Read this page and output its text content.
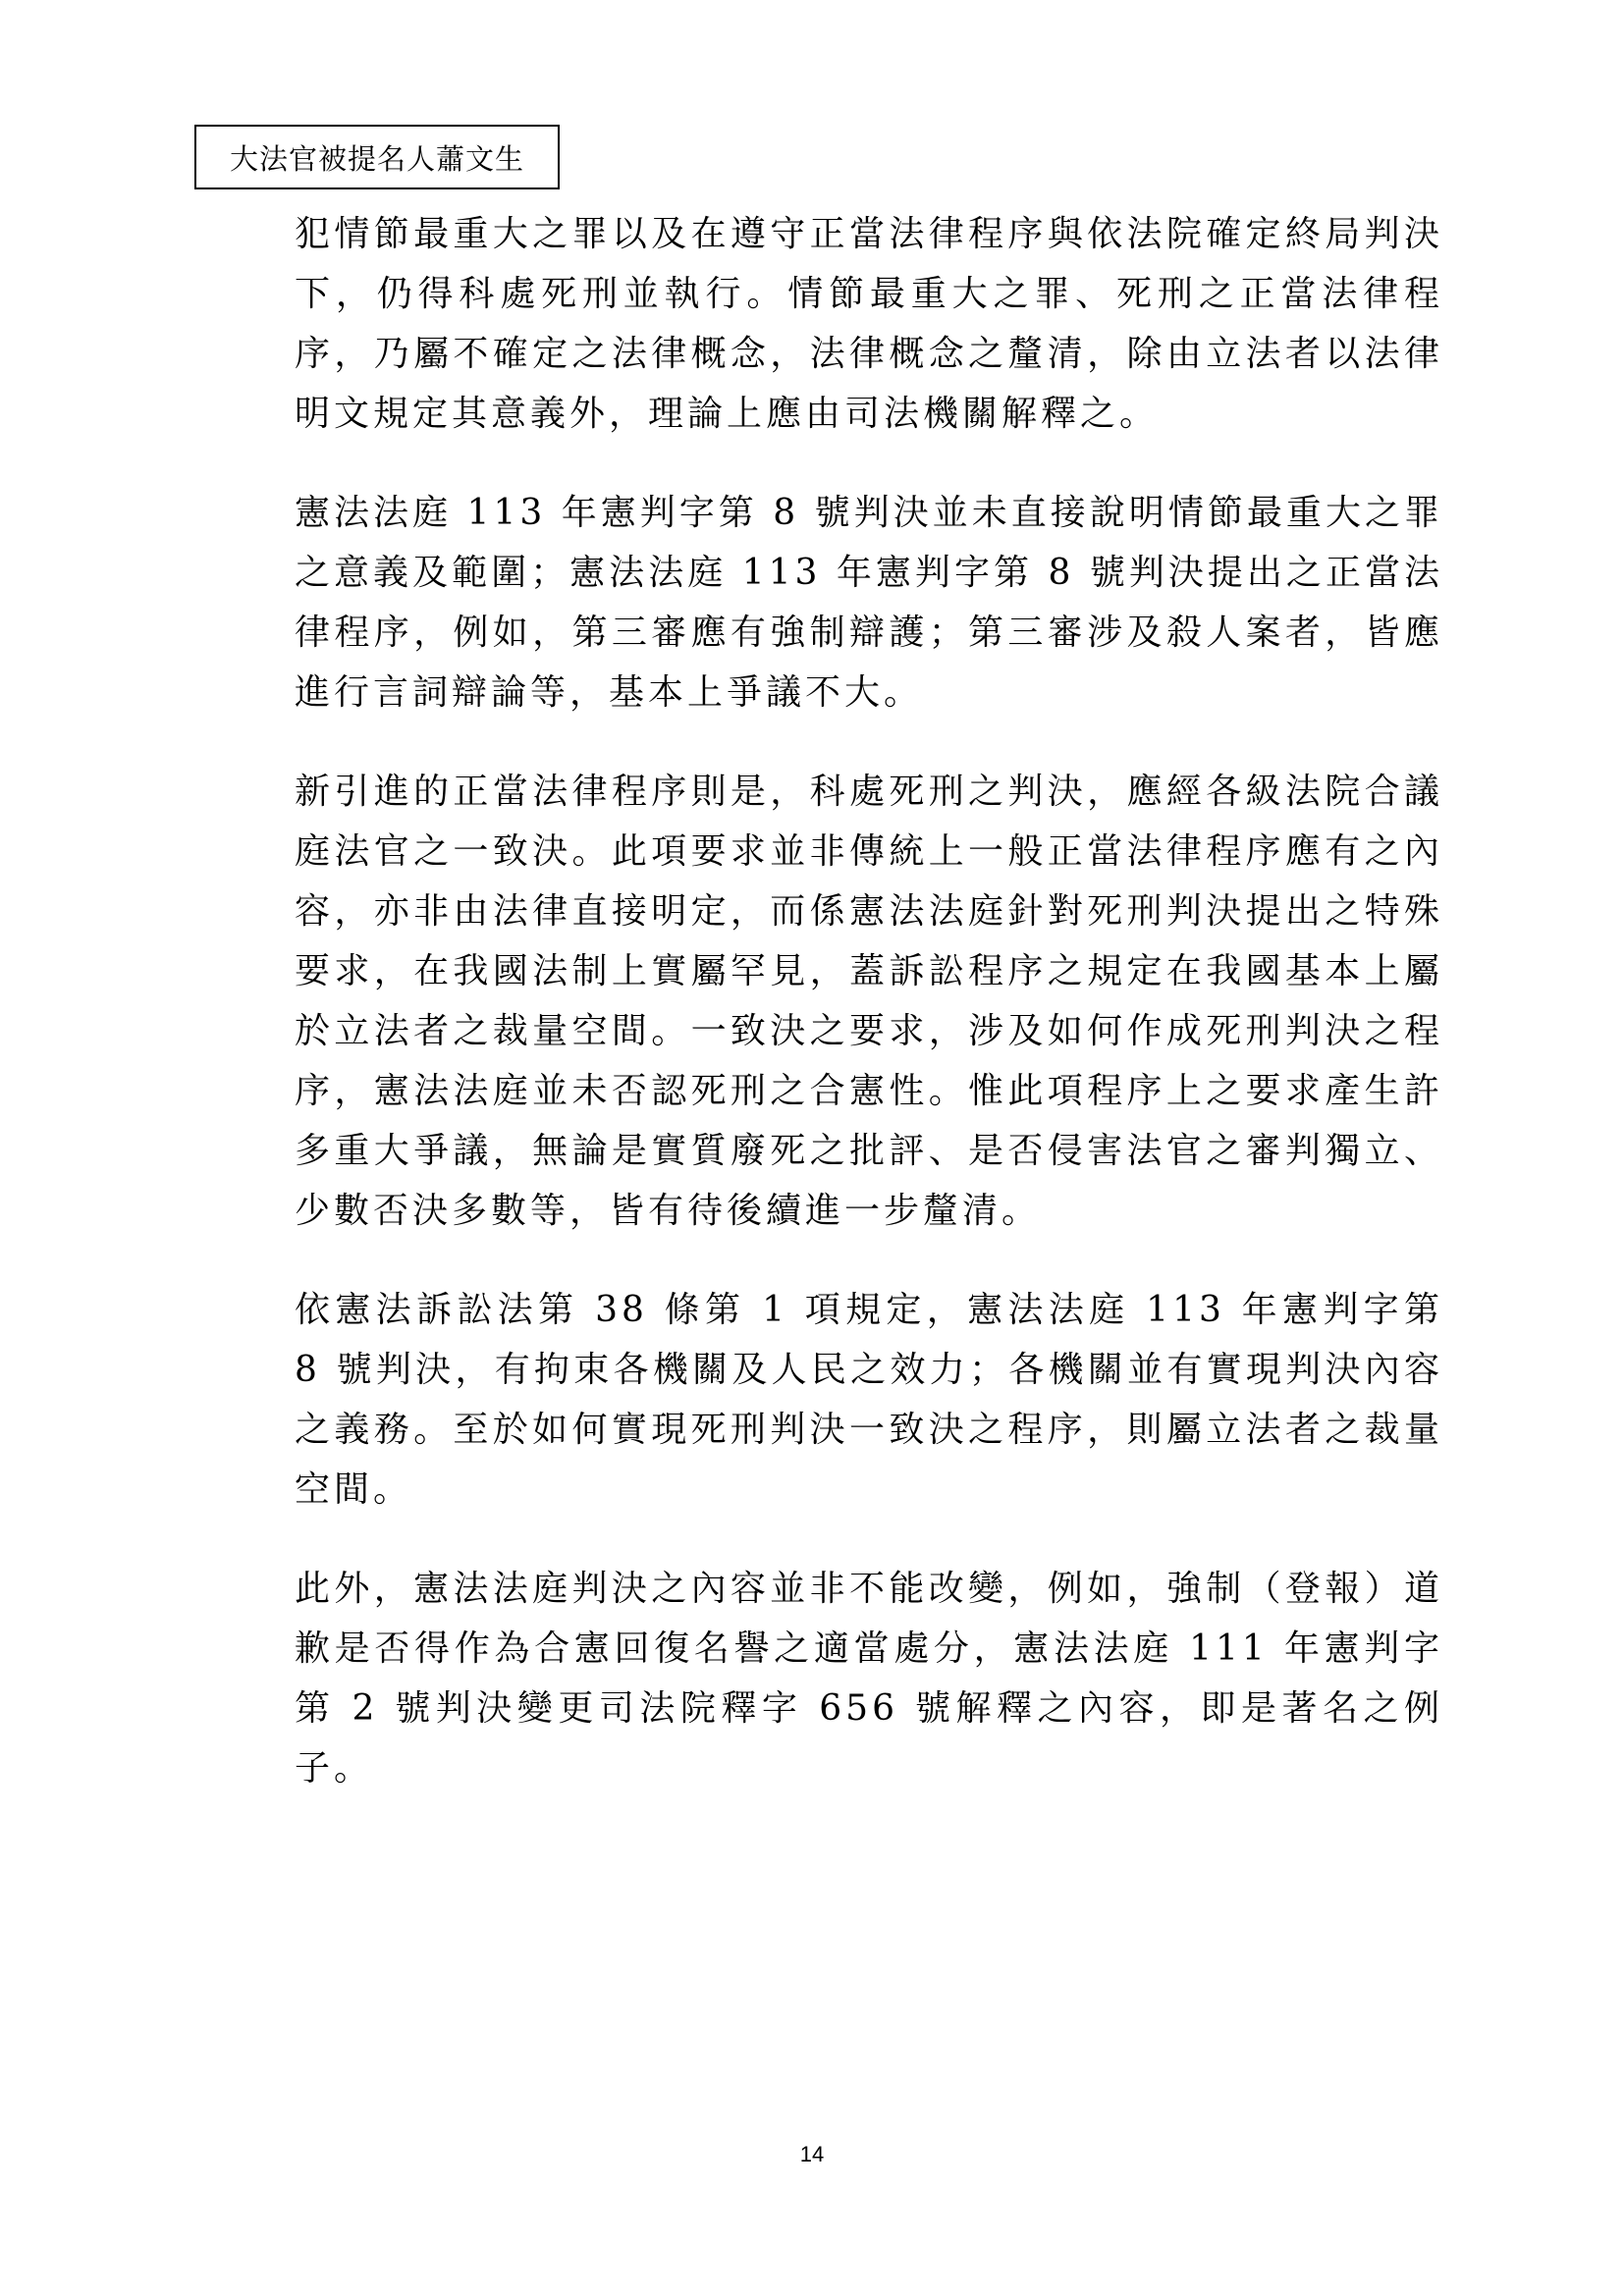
大法官被提名人蕭文生

犯情節最重大之罪以及在遵守正當法律程序與依法院確定終局判決下，仍得科處死刑並執行。情節最重大之罪、死刑之正當法律程序，乃屬不確定之法律概念，法律概念之釐清，除由立法者以法律明文規定其意義外，理論上應由司法機關解釋之。

憲法法庭 113 年憲判字第 8 號判決並未直接說明情節最重大之罪之意義及範圍；憲法法庭 113 年憲判字第 8 號判決提出之正當法律程序，例如，第三審應有強制辯護；第三審涉及殺人案者，皆應進行言詞辯論等，基本上爭議不大。

新引進的正當法律程序則是，科處死刑之判決，應經各級法院合議庭法官之一致決。此項要求並非傳統上一般正當法律程序應有之內容，亦非由法律直接明定，而係憲法法庭針對死刑判決提出之特殊要求，在我國法制上實屬罕見，蓋訴訟程序之規定在我國基本上屬於立法者之裁量空間。一致決之要求，涉及如何作成死刑判決之程序，憲法法庭並未否認死刑之合憲性。惟此項程序上之要求產生許多重大爭議，無論是實質廢死之批評、是否侵害法官之審判獨立、少數否決多數等，皆有待後續進一步釐清。

依憲法訴訟法第 38 條第 1 項規定，憲法法庭 113 年憲判字第 8 號判決，有拘束各機關及人民之效力；各機關並有實現判決內容之義務。至於如何實現死刑判決一致決之程序，則屬立法者之裁量空間。

此外，憲法法庭判決之內容並非不能改變，例如，強制（登報）道歉是否得作為合憲回復名譽之適當處分，憲法法庭 111 年憲判字第 2 號判決變更司法院釋字 656 號解釋之內容，即是著名之例子。

14
